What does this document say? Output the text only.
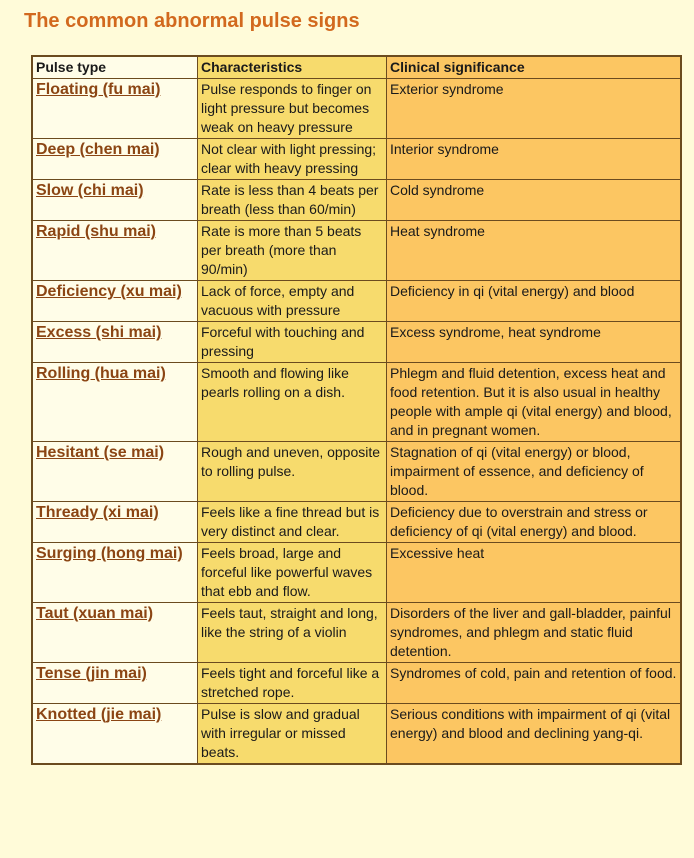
The common abnormal pulse signs
Pulse type	Characteristics	Clinical significance
Floating (fu mai)	Pulse responds to finger on light pressure but becomes weak on heavy pressure	Exterior syndrome
Deep (chen mai)	Not clear with light pressing; clear with heavy pressing	Interior syndrome
Slow (chi mai)	Rate is less than 4 beats per breath (less than 60/min)	Cold syndrome
Rapid (shu mai)	Rate is more than 5 beats per breath (more than 90/min)	Heat syndrome
Deficiency (xu mai)	Lack of force, empty and vacuous with pressure	Deficiency in qi (vital energy) and blood
Excess (shi mai)	Forceful with touching and pressing	Excess syndrome, heat syndrome
Rolling (hua mai)	Smooth and flowing like pearls rolling on a dish.	Phlegm and fluid detention, excess heat and food retention. But it is also usual in healthy people with ample qi (vital energy) and blood, and in pregnant women.
Hesitant (se mai)	Rough and uneven, opposite to rolling pulse.	Stagnation of qi (vital energy) or blood, impairment of essence, and deficiency of blood.
Thready (xi mai)	Feels like a fine thread but is very distinct and clear.	Deficiency due to overstrain and stress or deficiency of qi (vital energy) and blood.
Surging (hong mai)	Feels broad, large and forceful like powerful waves that ebb and flow.	Excessive heat
Taut (xuan mai)	Feels taut, straight and long, like the string of a violin	Disorders of the liver and gall-bladder, painful syndromes, and phlegm and static fluid detention.
Tense (jin mai)	Feels tight and forceful like a stretched rope.	Syndromes of cold, pain and retention of food.
Knotted (jie mai)	Pulse is slow and gradual with irregular or missed beats.	Serious conditions with impairment of qi (vital energy) and blood and declining yang-qi.
